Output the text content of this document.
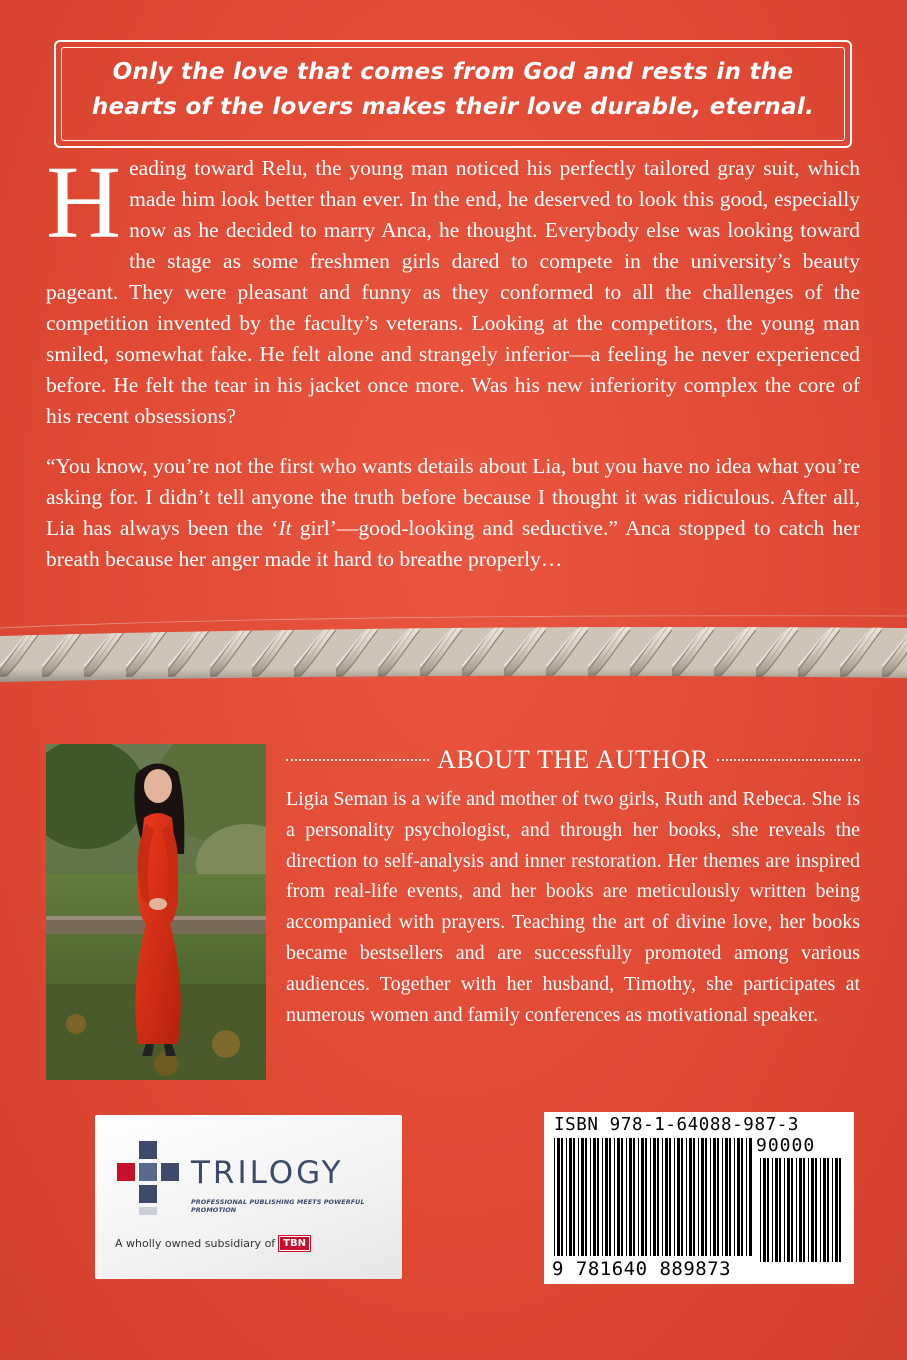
Only the love that comes from God and rests in the
hearts of the lovers makes their love durable, eternal.

Heading toward Relu, the young man noticed his perfectly tailored gray suit, which made him look better than ever. In the end, he deserved to look this good, especially now as he decided to marry Anca, he thought. Everybody else was looking toward the stage as some freshmen girls dared to compete in the university’s beauty pageant. They were pleasant and funny as they conformed to all the challenges of the competition invented by the faculty’s veterans. Looking at the competitors, the young man smiled, somewhat fake. He felt alone and strangely inferior—a feeling he never experienced before. He felt the tear in his jacket once more. Was his new inferiority complex the core of his recent obsessions?

“You know, you’re not the first who wants details about Lia, but you have no idea what you’re asking for. I didn’t tell anyone the truth before because I thought it was ridiculous. After all, Lia has always been the ‘It girl’—good-looking and seductive.” Anca stopped to catch her breath because her anger made it hard to breathe properly…

ABOUT THE AUTHOR

Ligia Seman is a wife and mother of two girls, Ruth and Rebeca. She is a personality psychologist, and through her books, she reveals the direction to self-analysis and inner restoration. Her themes are inspired from real-life events, and her books are meticulously written being accompanied with prayers. Teaching the art of divine love, her books became bestsellers and are successfully promoted among various audiences. Together with her husband, Timothy, she participates at numerous women and family conferences as motivational speaker.

TRILOGY
PROFESSIONAL PUBLISHING MEETS POWERFUL PROMOTION
A wholly owned subsidiary of TBN
ISBN 978-1-64088-987-3
90000
9 781640 889873
